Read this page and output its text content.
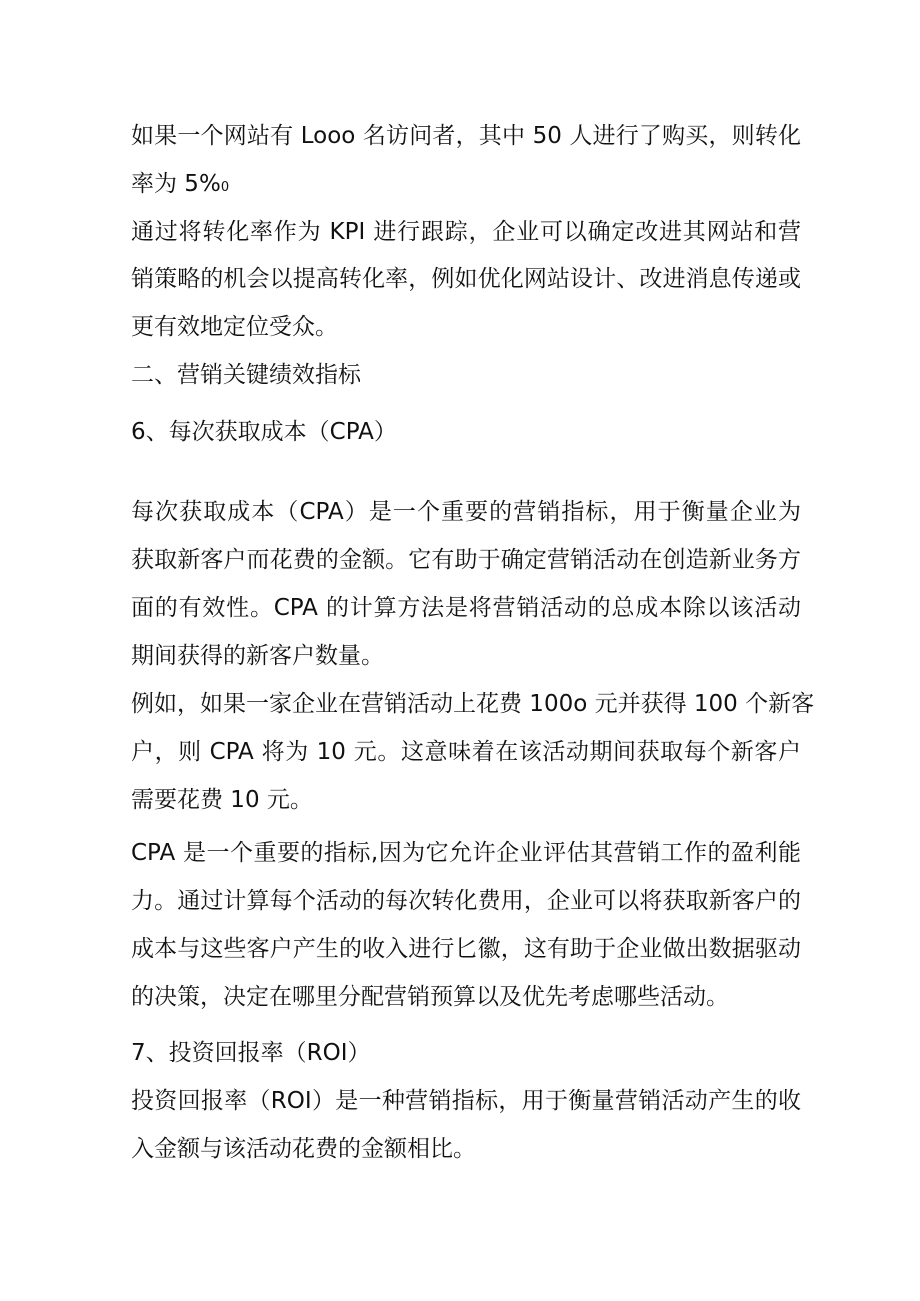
如果一个网站有 Looo 名访问者，其中 50 人进行了购买，则转化
率为 5%0
通过将转化率作为 KPI 进行跟踪，企业可以确定改进其网站和营
销策略的机会以提高转化率，例如优化网站设计、改进消息传递或
更有效地定位受众。
二、营销关键绩效指标
6、每次获取成本（CPA）
每次获取成本（CPA）是一个重要的营销指标，用于衡量企业为
获取新客户而花费的金额。它有助于确定营销活动在创造新业务方
面的有效性。CPA 的计算方法是将营销活动的总成本除以该活动
期间获得的新客户数量。
例如，如果一家企业在营销活动上花费 100o 元并获得 100 个新客
户，则 CPA 将为 10 元。这意味着在该活动期间获取每个新客户
需要花费 10 元。
CPA 是一个重要的指标,因为它允许企业评估其营销工作的盈利能
力。通过计算每个活动的每次转化费用，企业可以将获取新客户的
成本与这些客户产生的收入进行匕徽，这有助于企业做出数据驱动
的决策，决定在哪里分配营销预算以及优先考虑哪些活动。
7、投资回报率（ROI）
投资回报率（ROI）是一种营销指标，用于衡量营销活动产生的收
入金额与该活动花费的金额相比。
